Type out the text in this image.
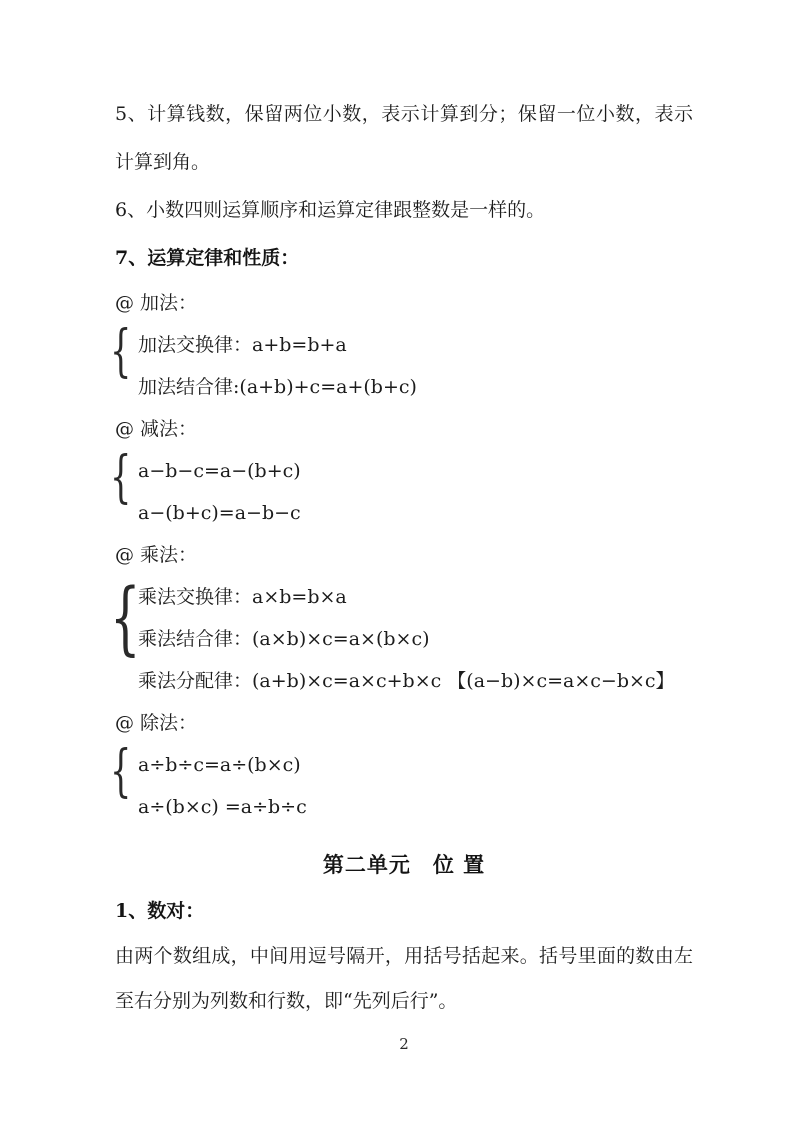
5、计算钱数，保留两位小数，表示计算到分；保留一位小数，表示

计算到角。

6、小数四则运算顺序和运算定律跟整数是一样的。

7、运算定律和性质：

@ 加法：

{ 加法交换律：a+b=b+a

加法结合律:(a+b)+c=a+(b+c)

@ 减法：

{ a−b−c=a−(b+c)

a−(b+c)=a−b−c

@ 乘法：

{

乘法交换律：a×b=b×a

乘法结合律：(a×b)×c=a×(b×c)

乘法分配律：(a+b)×c=a×c+b×c 【(a−b)×c=a×c−b×c】

@ 除法：

{ a÷b÷c=a÷(b×c)

a÷(b×c) =a÷b÷c

第二单元　位 置

1、数对：

由两个数组成，中间用逗号隔开，用括号括起来。括号里面的数由左

至右分别为列数和行数，即“先列后行”。

2
